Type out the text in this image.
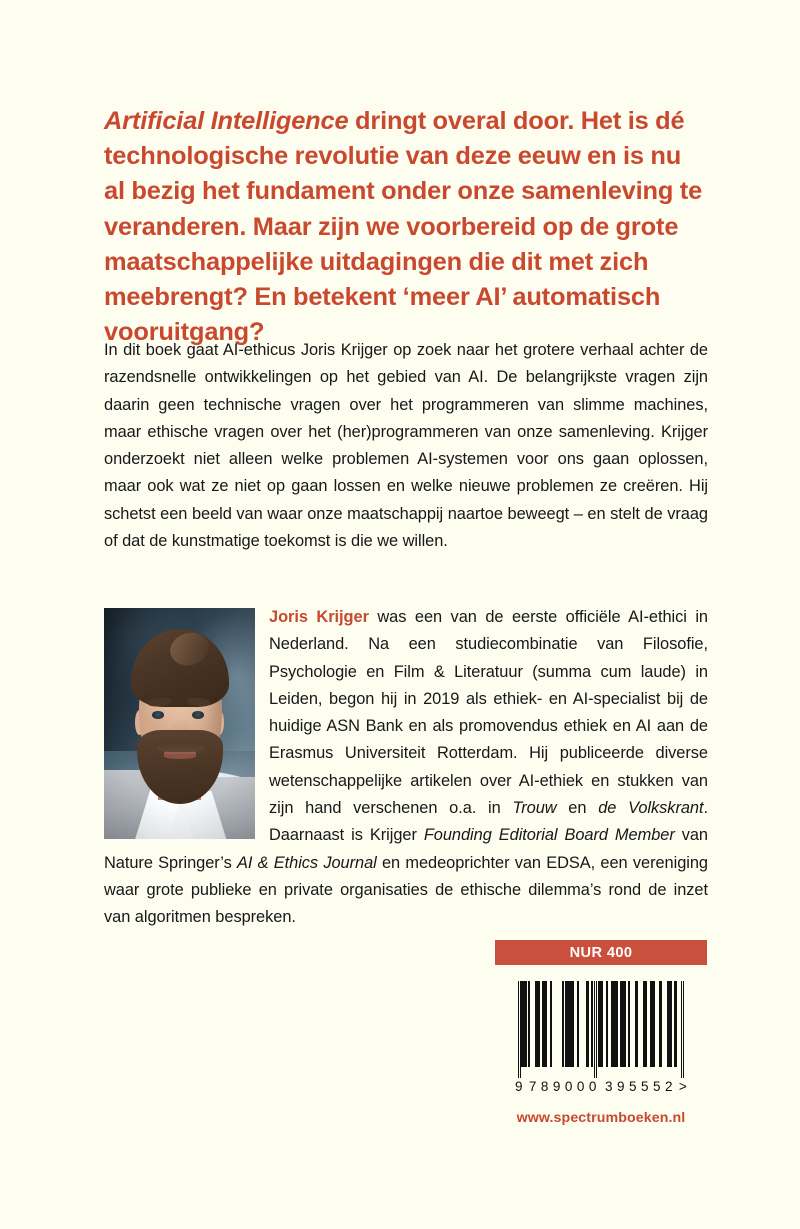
Artificial Intelligence dringt overal door. Het is dé technologische revolutie van deze eeuw en is nu al bezig het fundament onder onze samenleving te veranderen. Maar zijn we voorbereid op de grote maatschappelijke uitdagingen die dit met zich meebrengt? En betekent ‘meer AI’ automatisch vooruitgang?
In dit boek gaat AI-ethicus Joris Krijger op zoek naar het grotere verhaal achter de razendsnelle ontwikkelingen op het gebied van AI. De belangrijkste vragen zijn daarin geen technische vragen over het programmeren van slimme machines, maar ethische vragen over het (her)programmeren van onze samenleving. Krijger onderzoekt niet alleen welke problemen AI-systemen voor ons gaan oplossen, maar ook wat ze niet op gaan lossen en welke nieuwe problemen ze creëren. Hij schetst een beeld van waar onze maatschappij naartoe beweegt – en stelt de vraag of dat de kunstmatige toekomst is die we willen.
Joris Krijger was een van de eerste officiële AI-ethici in Nederland. Na een studiecombinatie van Filosofie, Psychologie en Film & Literatuur (summa cum laude) in Leiden, begon hij in 2019 als ethiek- en AI-specialist bij de huidige ASN Bank en als promovendus ethiek en AI aan de Erasmus Universiteit Rotterdam. Hij publiceerde diverse wetenschappelijke artikelen over AI-ethiek en stukken van zijn hand verschenen o.a. in Trouw en de Volkskrant. Daarnaast is Krijger Founding Editorial Board Member van Nature Springer’s AI & Ethics Journal en medeoprichter van EDSA, een vereniging waar grote publieke en private organisaties de ethische dilemma’s rond de inzet van algoritmen bespreken.
NUR 400
9 7 8 9 0 0 0 3 9 5 5 5 2 >
www.spectrumboeken.nl
